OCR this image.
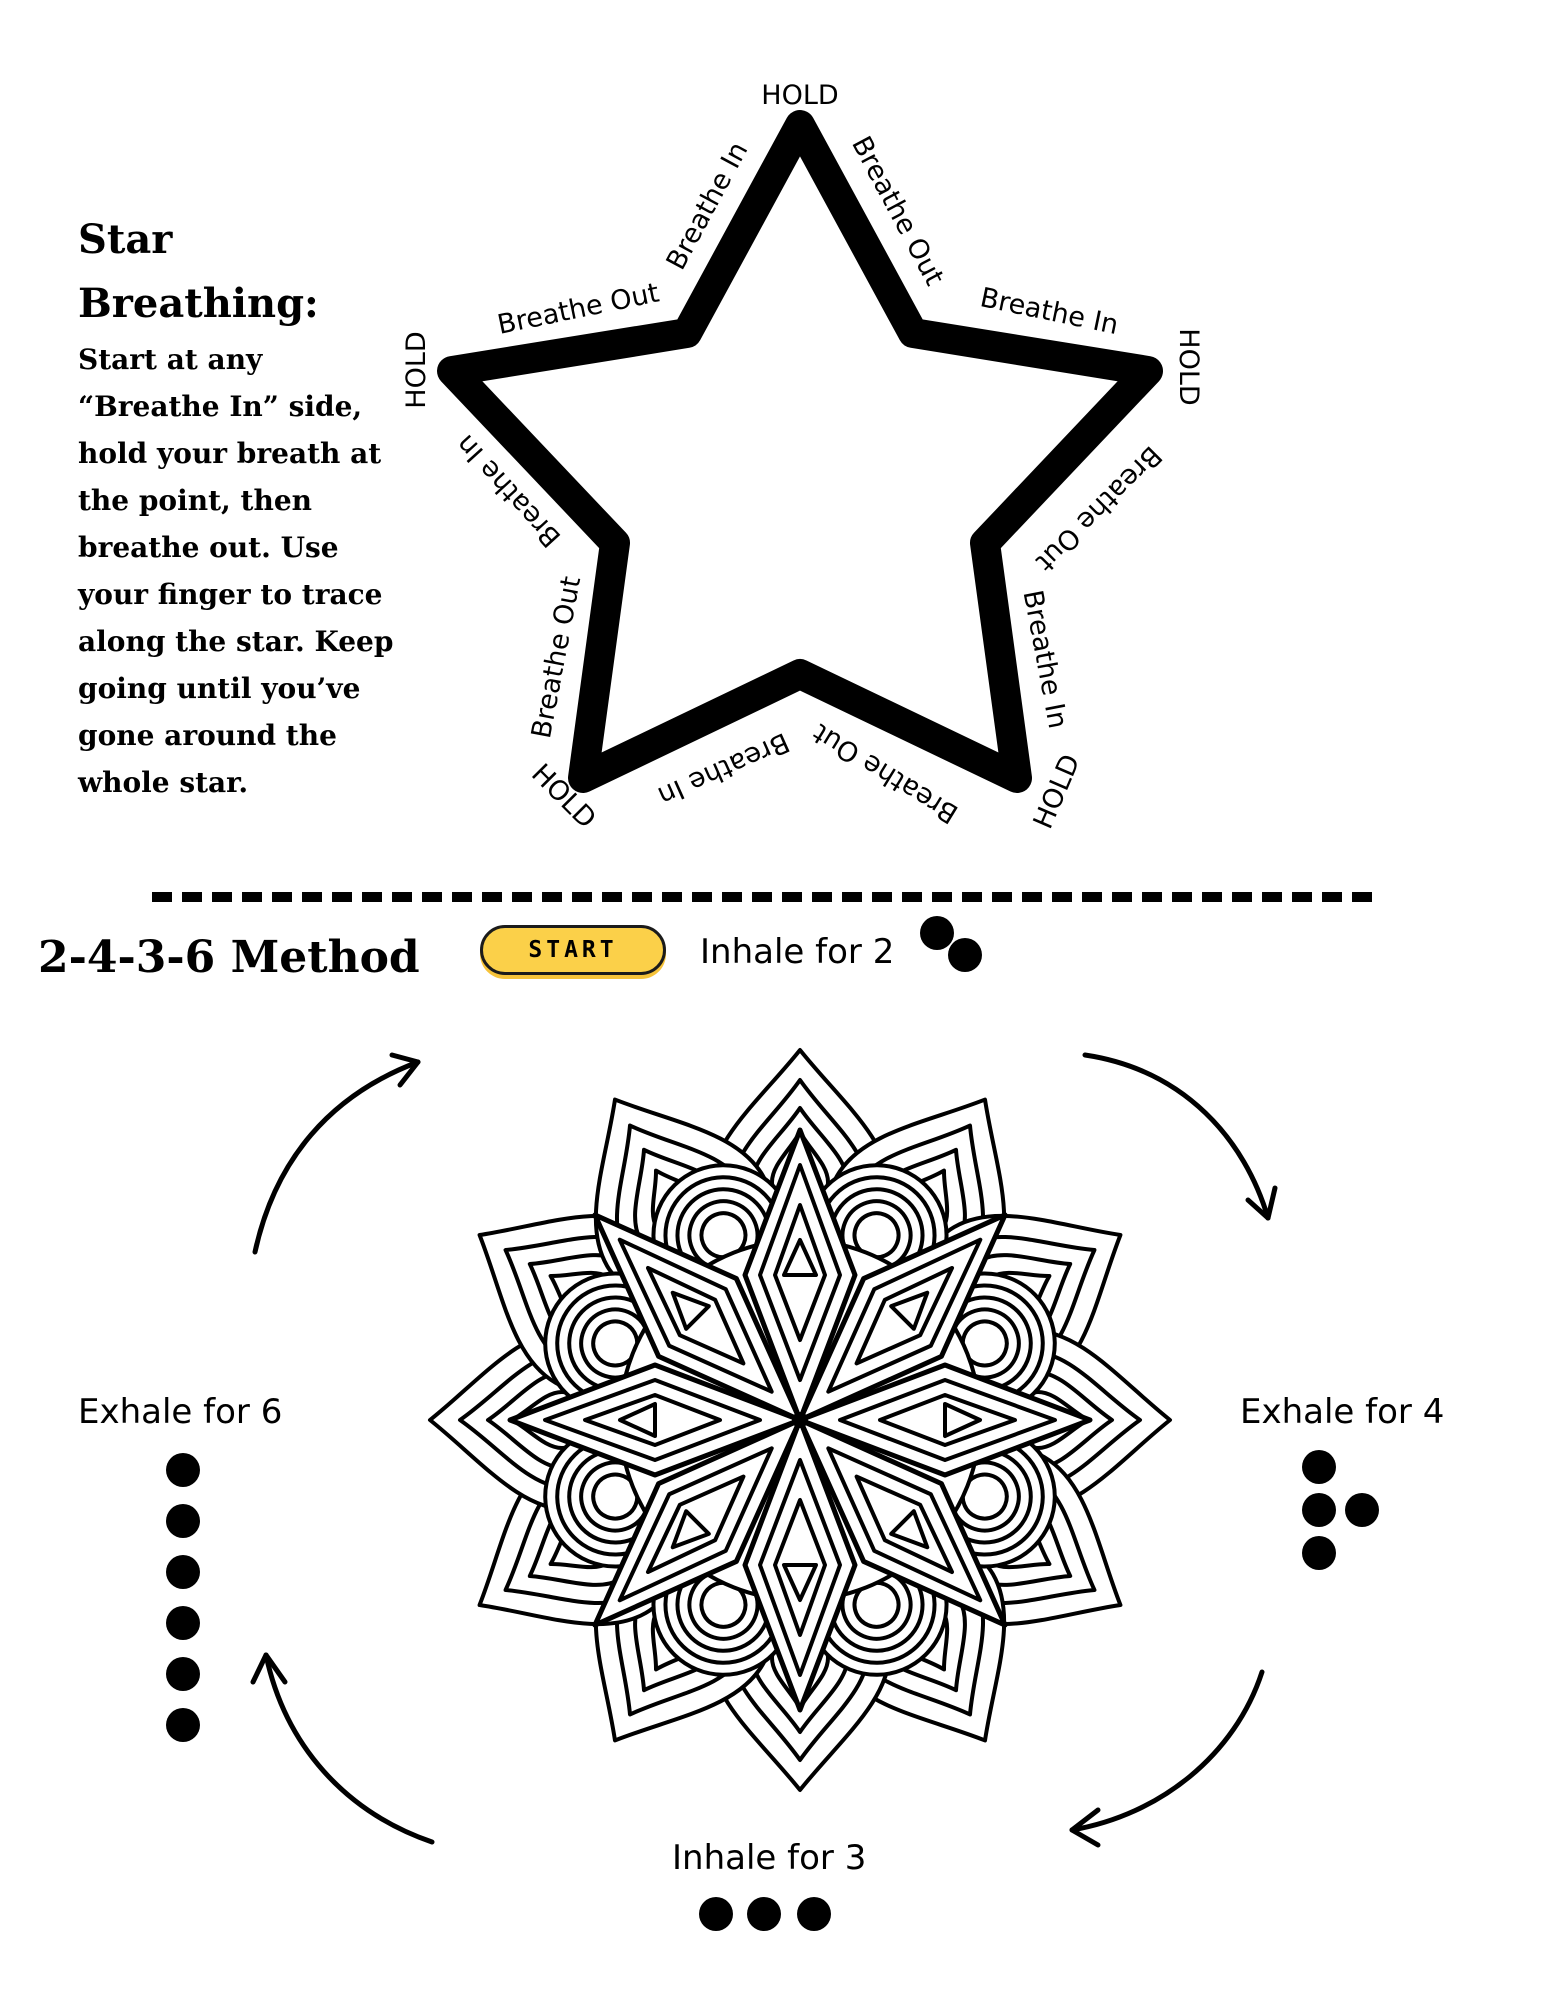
Star Breathing:

Start at any “Breathe In” side, hold your breath at the point, then breathe out. Use your finger to trace along the star. Keep going until you’ve gone around the whole star.

HOLD
HOLD
HOLD
Breathe In	Breathe Out
Breathe In
Breathe Out
Breathe In
Breathe Out
Breathe In
Breathe Out
Breathe In
Breathe Out
HOLD	HOLD
2-4-3-6 Method	START	Inhale for 2

Exhale for 4

Inhale for 3

Exhale for 6
